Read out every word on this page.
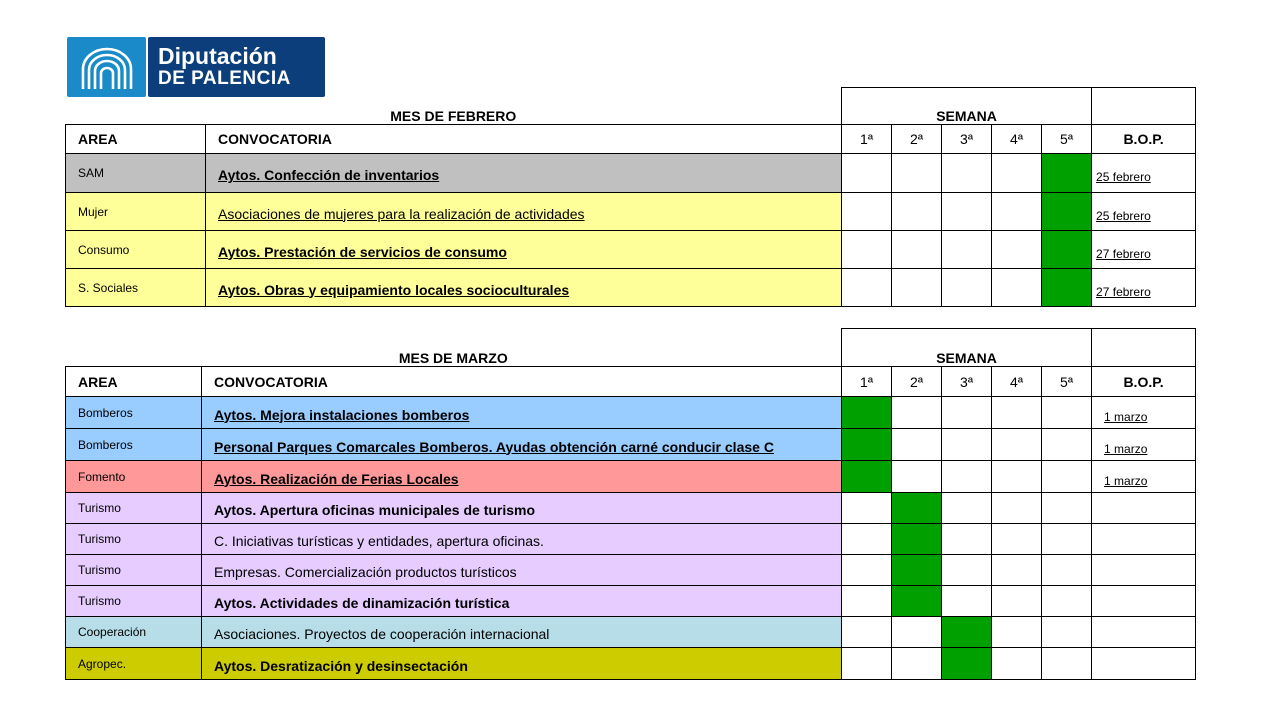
Diputación
DE PALENCIA
MES DE FEBRERO		SEMANA					
AREA	CONVOCATORIA	1ª	2ª	3ª	4ª	5ª	B.O.P.
SAM	Aytos. Confección de inventarios						25 febrero
Mujer	Asociaciones de mujeres para la realización de actividades						25 febrero
Consumo	Aytos. Prestación de servicios de consumo						27 febrero
S. Sociales	Aytos. Obras y equipamiento locales socioculturales						27 febrero
MES DE MARZO		SEMANA					
AREA	CONVOCATORIA	1ª	2ª	3ª	4ª	5ª	B.O.P.
Bomberos	Aytos. Mejora instalaciones bomberos						1 marzo
Bomberos	Personal Parques Comarcales Bomberos. Ayudas obtención carné conducir clase C						1 marzo
Fomento	Aytos. Realización de Ferias Locales						1 marzo
Turismo	Aytos. Apertura oficinas municipales de turismo						
Turismo	C. Iniciativas turísticas y entidades, apertura oficinas.						
Turismo	Empresas. Comercialización productos turísticos						
Turismo	Aytos. Actividades de dinamización turística						
Cooperación	Asociaciones. Proyectos de cooperación internacional						
Agropec.	Aytos. Desratización y desinsectación						
